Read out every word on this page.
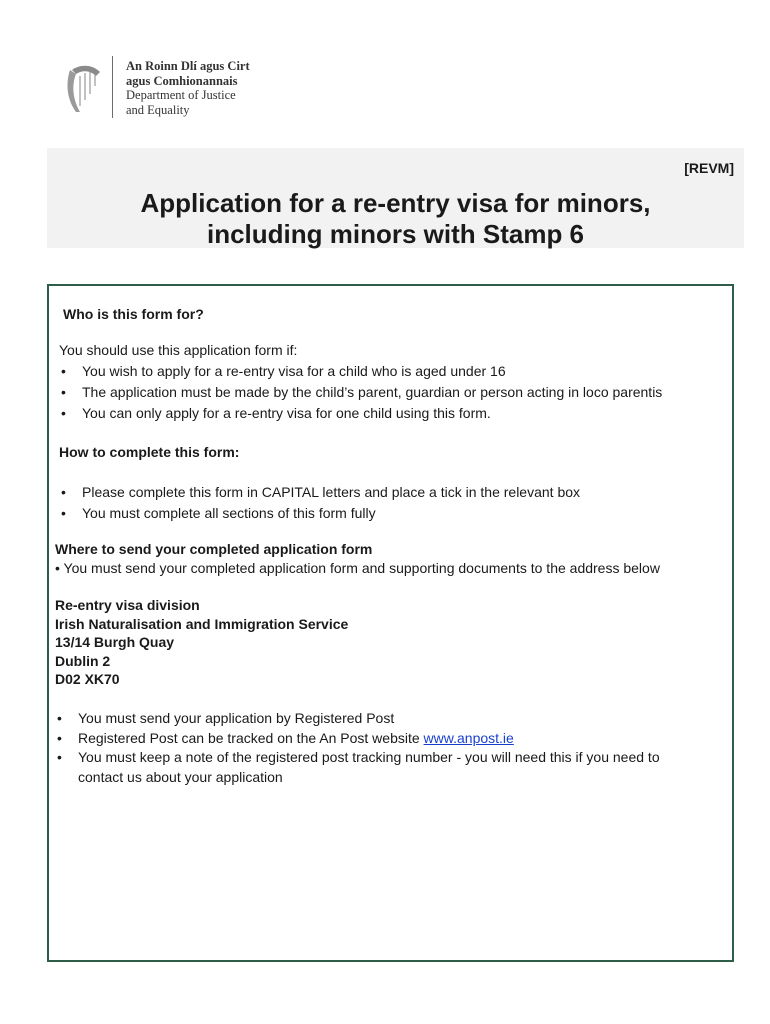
An Roinn Dlí agus Cirt
agus Comhionannais
Department of Justice
and Equality
[REVM]
Application for a re-entry visa for minors,
including minors with Stamp 6
Who is this form for?
You should use this application form if:
• You wish to apply for a re-entry visa for a child who is aged under 16
• The application must be made by the child’s parent, guardian or person acting in loco parentis
• You can only apply for a re-entry visa for one child using this form.
How to complete this form:
• Please complete this form in CAPITAL letters and place a tick in the relevant box
• You must complete all sections of this form fully
Where to send your completed application form
• You must send your completed application form and supporting documents to the address below
Re-entry visa division
Irish Naturalisation and Immigration Service
13/14 Burgh Quay
Dublin 2
D02 XK70
• You must send your application by Registered Post
• Registered Post can be tracked on the An Post website www.anpost.ie
• You must keep a note of the registered post tracking number - you will need this if you need to
contact us about your application
